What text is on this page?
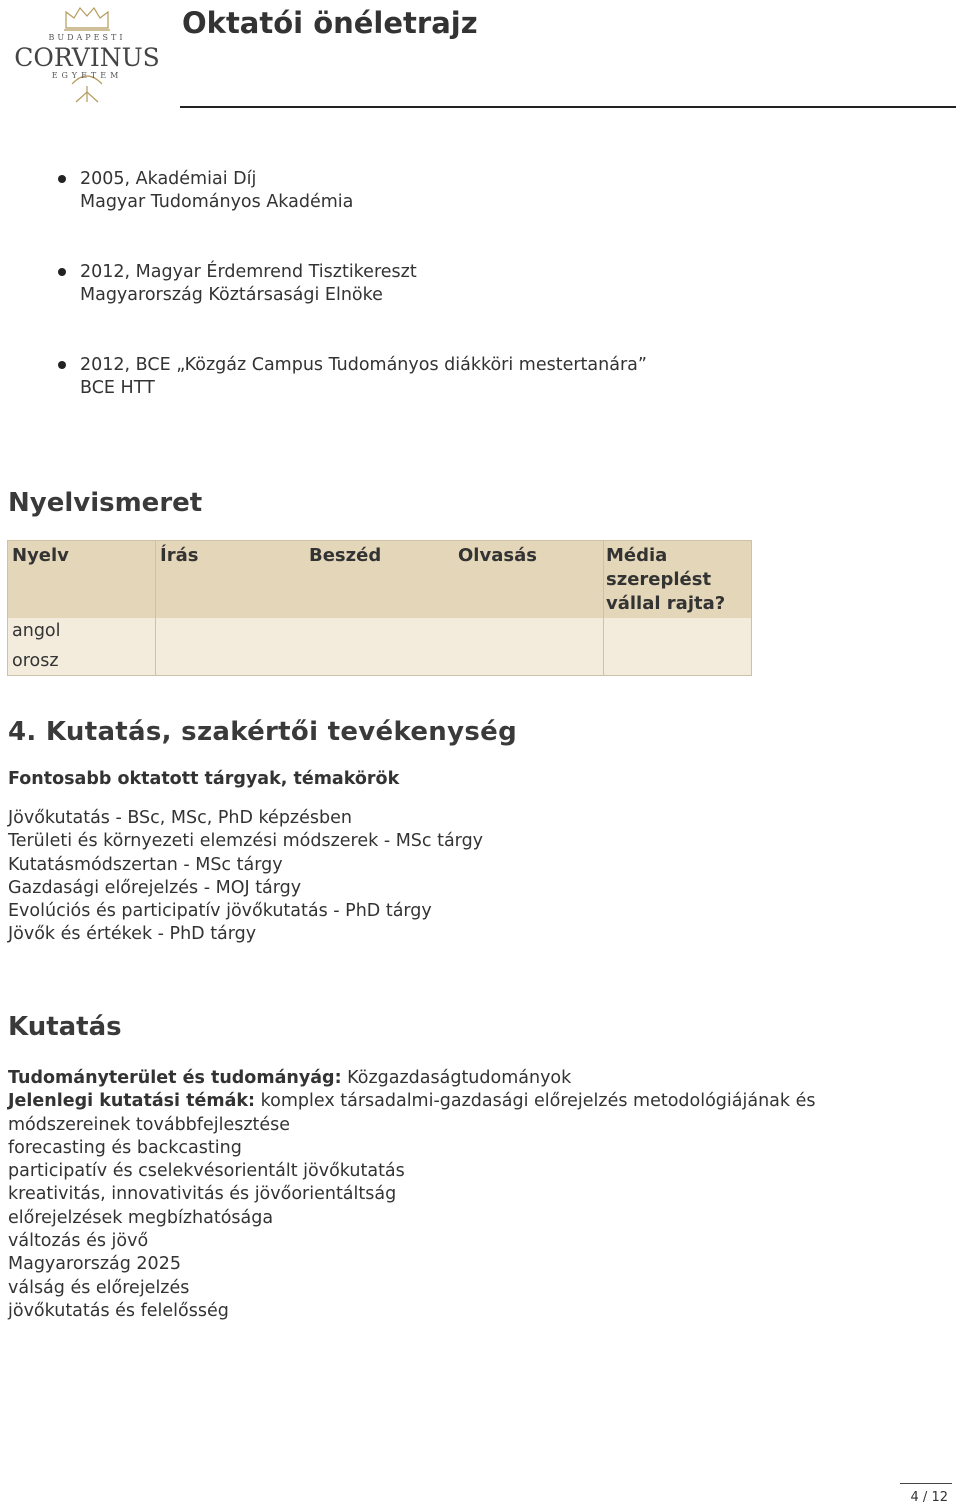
BUDAPESTI
CORVINUS
EGYETEM
Oktatói önéletrajz
2005, Akadémiai Díj
Magyar Tudományos Akadémia
2012, Magyar Érdemrend Tisztikereszt
Magyarország Köztársasági Elnöke
2012, BCE „Közgáz Campus Tudományos diákköri mestertanára”
BCE HTT
Nyelvismeret
Nyelv	Írás	Beszéd	Olvasás	Média szereplést vállal rajta?
angol
orosz
4. Kutatás, szakértői tevékenység
Fontosabb oktatott tárgyak, témakörök
Jövőkutatás - BSc, MSc, PhD képzésben
Területi és környezeti elemzési módszerek - MSc tárgy
Kutatásmódszertan - MSc tárgy
Gazdasági előrejelzés - MOJ tárgy
Evolúciós és participatív jövőkutatás - PhD tárgy
Jövők és értékek - PhD tárgy
Kutatás
Tudományterület és tudományág: Közgazdaságtudományok
Jelenlegi kutatási témák: komplex társadalmi-gazdasági előrejelzés metodológiájának és
módszereinek továbbfejlesztése
forecasting és backcasting
participatív és cselekvésorientált jövőkutatás
kreativitás, innovativitás és jövőorientáltság
előrejelzések megbízhatósága
változás és jövő
Magyarország 2025
válság és előrejelzés
jövőkutatás és felelősség
4 / 12
